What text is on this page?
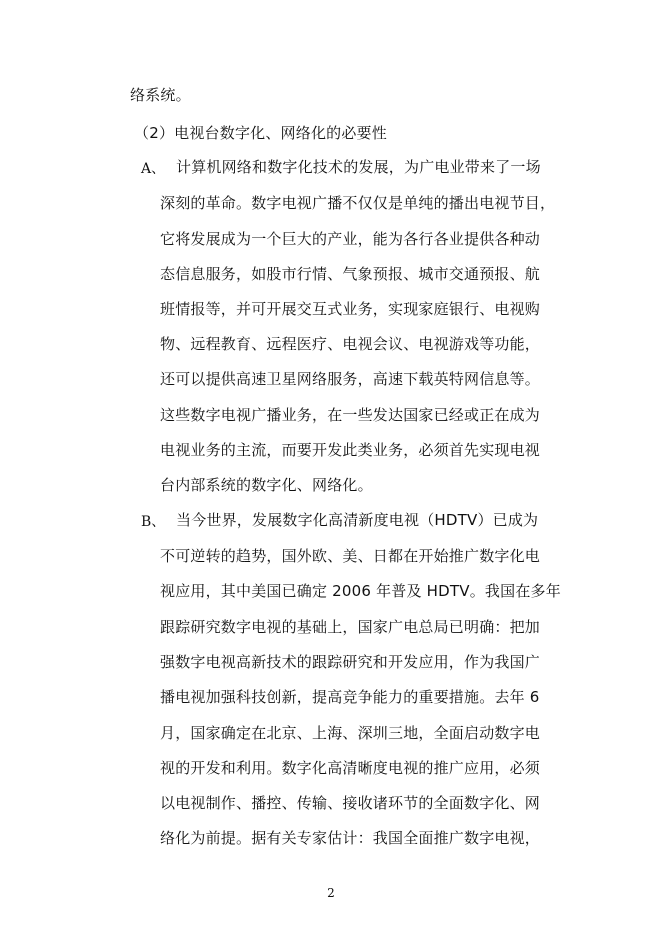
络系统。
（2）电视台数字化、网络化的必要性
A、 计算机网络和数字化技术的发展，为广电业带来了一场
深刻的革命。数字电视广播不仅仅是单纯的播出电视节目，
它将发展成为一个巨大的产业，能为各行各业提供各种动
态信息服务，如股市行情、气象预报、城市交通预报、航
班情报等，并可开展交互式业务，实现家庭银行、电视购
物、远程教育、远程医疗、电视会议、电视游戏等功能，
还可以提供高速卫星网络服务，高速下载英特网信息等。
这些数字电视广播业务，在一些发达国家已经或正在成为
电视业务的主流，而要开发此类业务，必须首先实现电视
台内部系统的数字化、网络化。
B、 当今世界，发展数字化高清新度电视（HDTV）已成为
不可逆转的趋势，国外欧、美、日都在开始推广数字化电
视应用，其中美国已确定 2006 年普及 HDTV。我国在多年
跟踪研究数字电视的基础上，国家广电总局已明确：把加
强数字电视高新技术的跟踪研究和开发应用，作为我国广
播电视加强科技创新，提高竞争能力的重要措施。去年 6
月，国家确定在北京、上海、深圳三地，全面启动数字电
视的开发和利用。数字化高清晰度电视的推广应用，必须
以电视制作、播控、传输、接收诸环节的全面数字化、网
络化为前提。据有关专家估计：我国全面推广数字电视，
2
